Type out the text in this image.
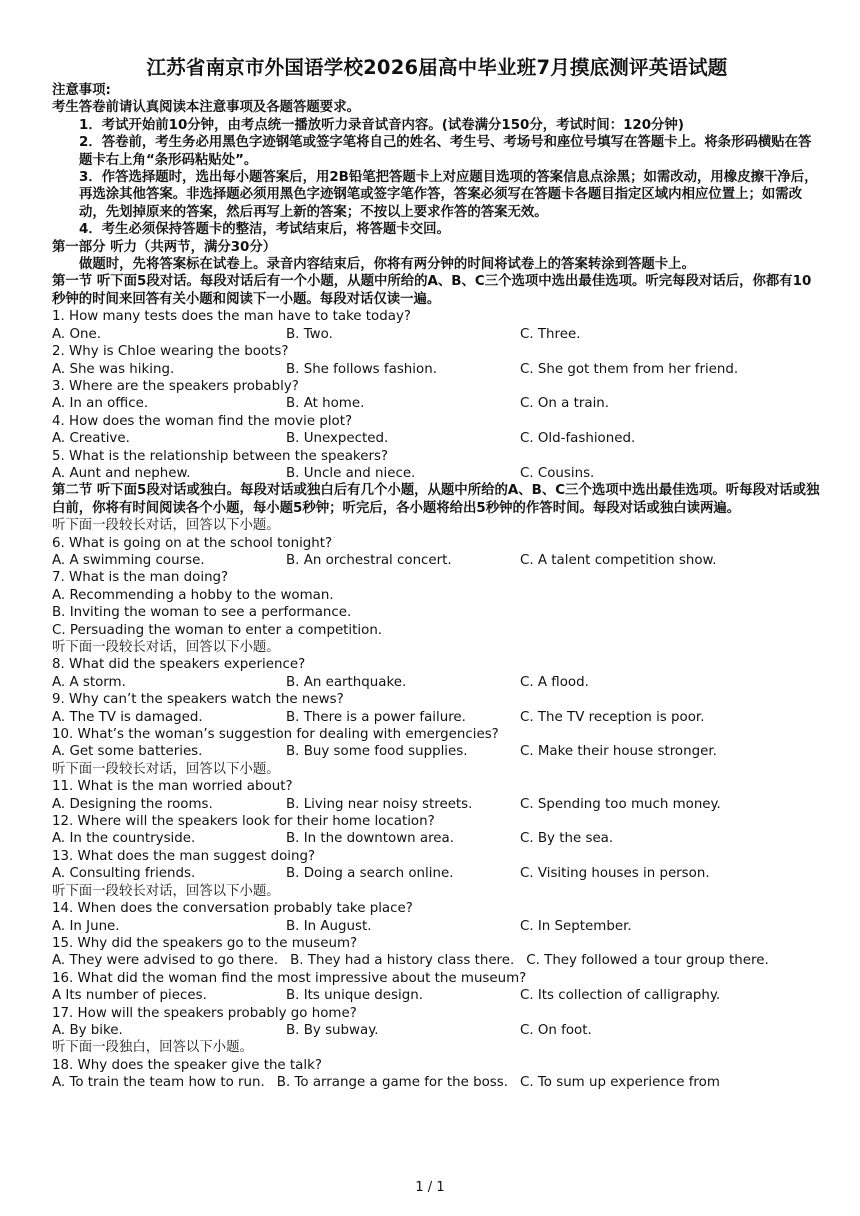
江苏省南京市外国语学校2026届高中毕业班7月摸底测评英语试题
注意事项:
考生答卷前请认真阅读本注意事项及各题答题要求。
1．考试开始前10分钟，由考点统一播放听力录音试音内容。(试卷满分150分，考试时间：120分钟)
2．答卷前，考生务必用黑色字迹钢笔或签字笔将自己的姓名、考生号、考场号和座位号填写在答题卡上。将条形码横贴在答题卡右上角“条形码粘贴处”。
3．作答选择题时，选出每小题答案后，用2B铅笔把答题卡上对应题目选项的答案信息点涂黑；如需改动，用橡皮擦干净后，再选涂其他答案。非选择题必须用黑色字迹钢笔或签字笔作答，答案必须写在答题卡各题目指定区域内相应位置上；如需改动，先划掉原来的答案，然后再写上新的答案；不按以上要求作答的答案无效。
4．考生必须保持答题卡的整洁，考试结束后，将答题卡交回。
第一部分 听力（共两节，满分30分）
做题时，先将答案标在试卷上。录音内容结束后，你将有两分钟的时间将试卷上的答案转涂到答题卡上。
第一节 听下面5段对话。每段对话后有一个小题，从题中所给的A、B、C三个选项中选出最佳选项。听完每段对话后，你都有10秒钟的时间来回答有关小题和阅读下一小题。每段对话仅读一遍。
1. How many tests does the man have to take today?
A. One.	B. Two.	C. Three.
2. Why is Chloe wearing the boots?
A. She was hiking.	B. She follows fashion.	C. She got them from her friend.
3. Where are the speakers probably?
A. In an office.	B. At home.	C. On a train.
4. How does the woman find the movie plot?
A. Creative.	B. Unexpected.	C. Old-fashioned.
5. What is the relationship between the speakers?
A. Aunt and nephew.	B. Uncle and niece.	C. Cousins.
第二节 听下面5段对话或独白。每段对话或独白后有几个小题，从题中所给的A、B、C三个选项中选出最佳选项。听每段对话或独白前，你将有时间阅读各个小题，每小题5秒钟；听完后，各小题将给出5秒钟的作答时间。每段对话或独白读两遍。
听下面一段较长对话，回答以下小题。
6. What is going on at the school tonight?
A. A swimming course.	B. An orchestral concert.	C. A talent competition show.
7. What is the man doing?
A. Recommending a hobby to the woman.
B. Inviting the woman to see a performance.
C. Persuading the woman to enter a competition.
听下面一段较长对话，回答以下小题。
8. What did the speakers experience?
A. A storm.	B. An earthquake.	C. A flood.
9. Why can’t the speakers watch the news?
A. The TV is damaged.	B. There is a power failure.	C. The TV reception is poor.
10. What’s the woman’s suggestion for dealing with emergencies?
A. Get some batteries.	B. Buy some food supplies.	C. Make their house stronger.
听下面一段较长对话，回答以下小题。
11. What is the man worried about?
A. Designing the rooms.	B. Living near noisy streets.	C. Spending too much money.
12. Where will the speakers look for their home location?
A. In the countryside.	B. In the downtown area.	C. By the sea.
13. What does the man suggest doing?
A. Consulting friends.	B. Doing a search online.	C. Visiting houses in person.
听下面一段较长对话，回答以下小题。
14. When does the conversation probably take place?
A. In June.	B. In August.	C. In September.
15. Why did the speakers go to the museum?
A. They were advised to go there. B. They had a history class there. C. They followed a tour group there.
16. What did the woman find the most impressive about the museum?
A Its number of pieces.	B. Its unique design.	C. Its collection of calligraphy.
17. How will the speakers probably go home?
A. By bike.	B. By subway.	C. On foot.
听下面一段独白，回答以下小题。
18. Why does the speaker give the talk?
A. To train the team how to run. B. To arrange a game for the boss. C. To sum up experience from
1 / 1
